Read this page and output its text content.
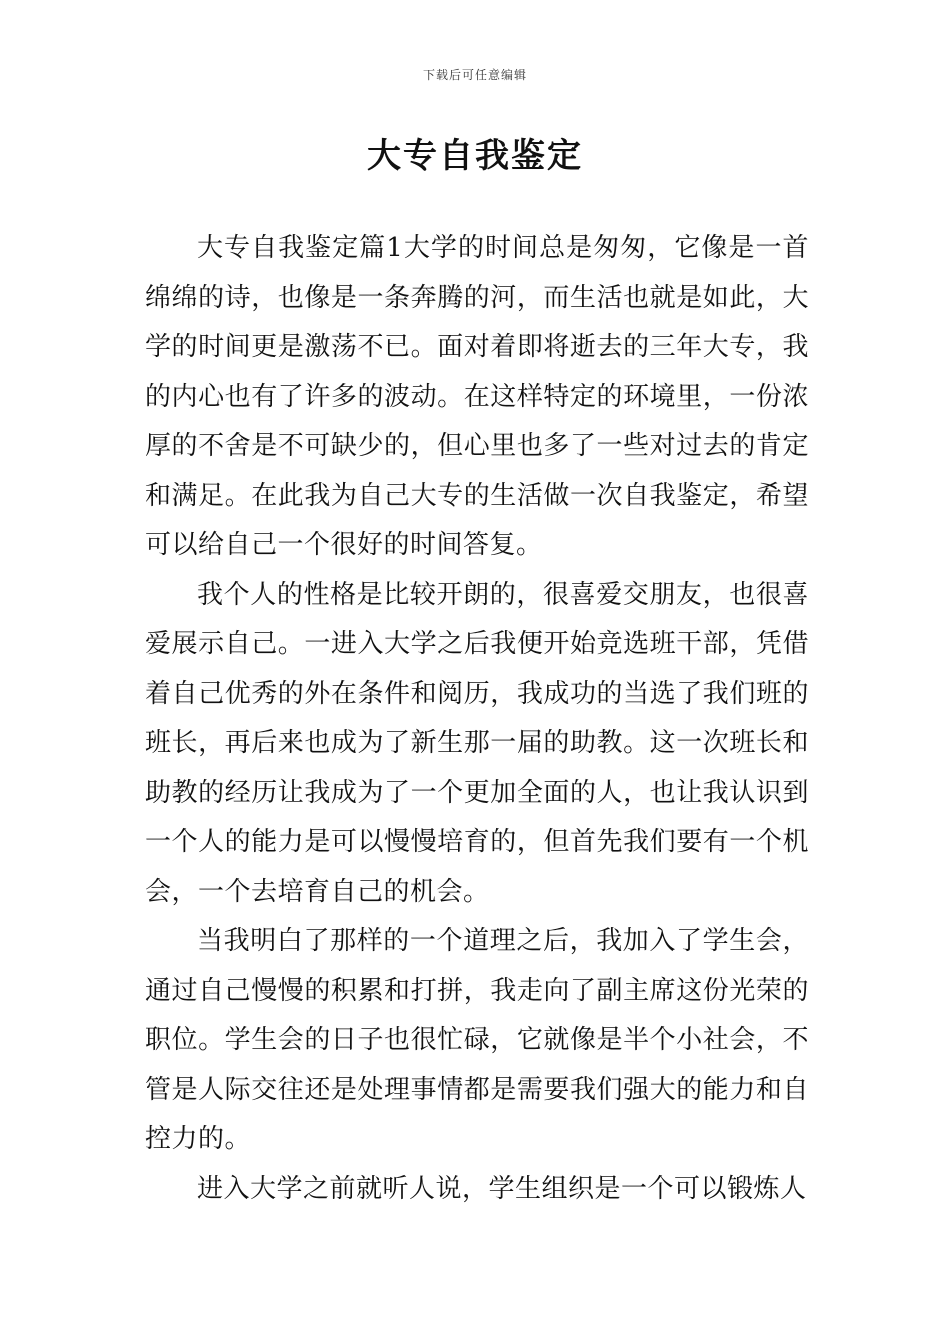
下载后可任意编辑
大专自我鉴定

大专自我鉴定篇1大学的时间总是匆匆，它像是一首绵绵的诗，也像是一条奔腾的河，而生活也就是如此，大学的时间更是激荡不已。面对着即将逝去的三年大专，我的内心也有了许多的波动。在这样特定的环境里，一份浓厚的不舍是不可缺少的，但心里也多了一些对过去的肯定和满足。在此我为自己大专的生活做一次自我鉴定，希望可以给自己一个很好的时间答复。

我个人的性格是比较开朗的，很喜爱交朋友，也很喜爱展示自己。一进入大学之后我便开始竞选班干部，凭借着自己优秀的外在条件和阅历，我成功的当选了我们班的班长，再后来也成为了新生那一届的助教。这一次班长和助教的经历让我成为了一个更加全面的人，也让我认识到一个人的能力是可以慢慢培育的，但首先我们要有一个机会，一个去培育自己的机会。

当我明白了那样的一个道理之后，我加入了学生会，通过自己慢慢的积累和打拼，我走向了副主席这份光荣的职位。学生会的日子也很忙碌，它就像是半个小社会，不管是人际交往还是处理事情都是需要我们强大的能力和自控力的。

进入大学之前就听人说，学生组织是一个可以锻炼人
